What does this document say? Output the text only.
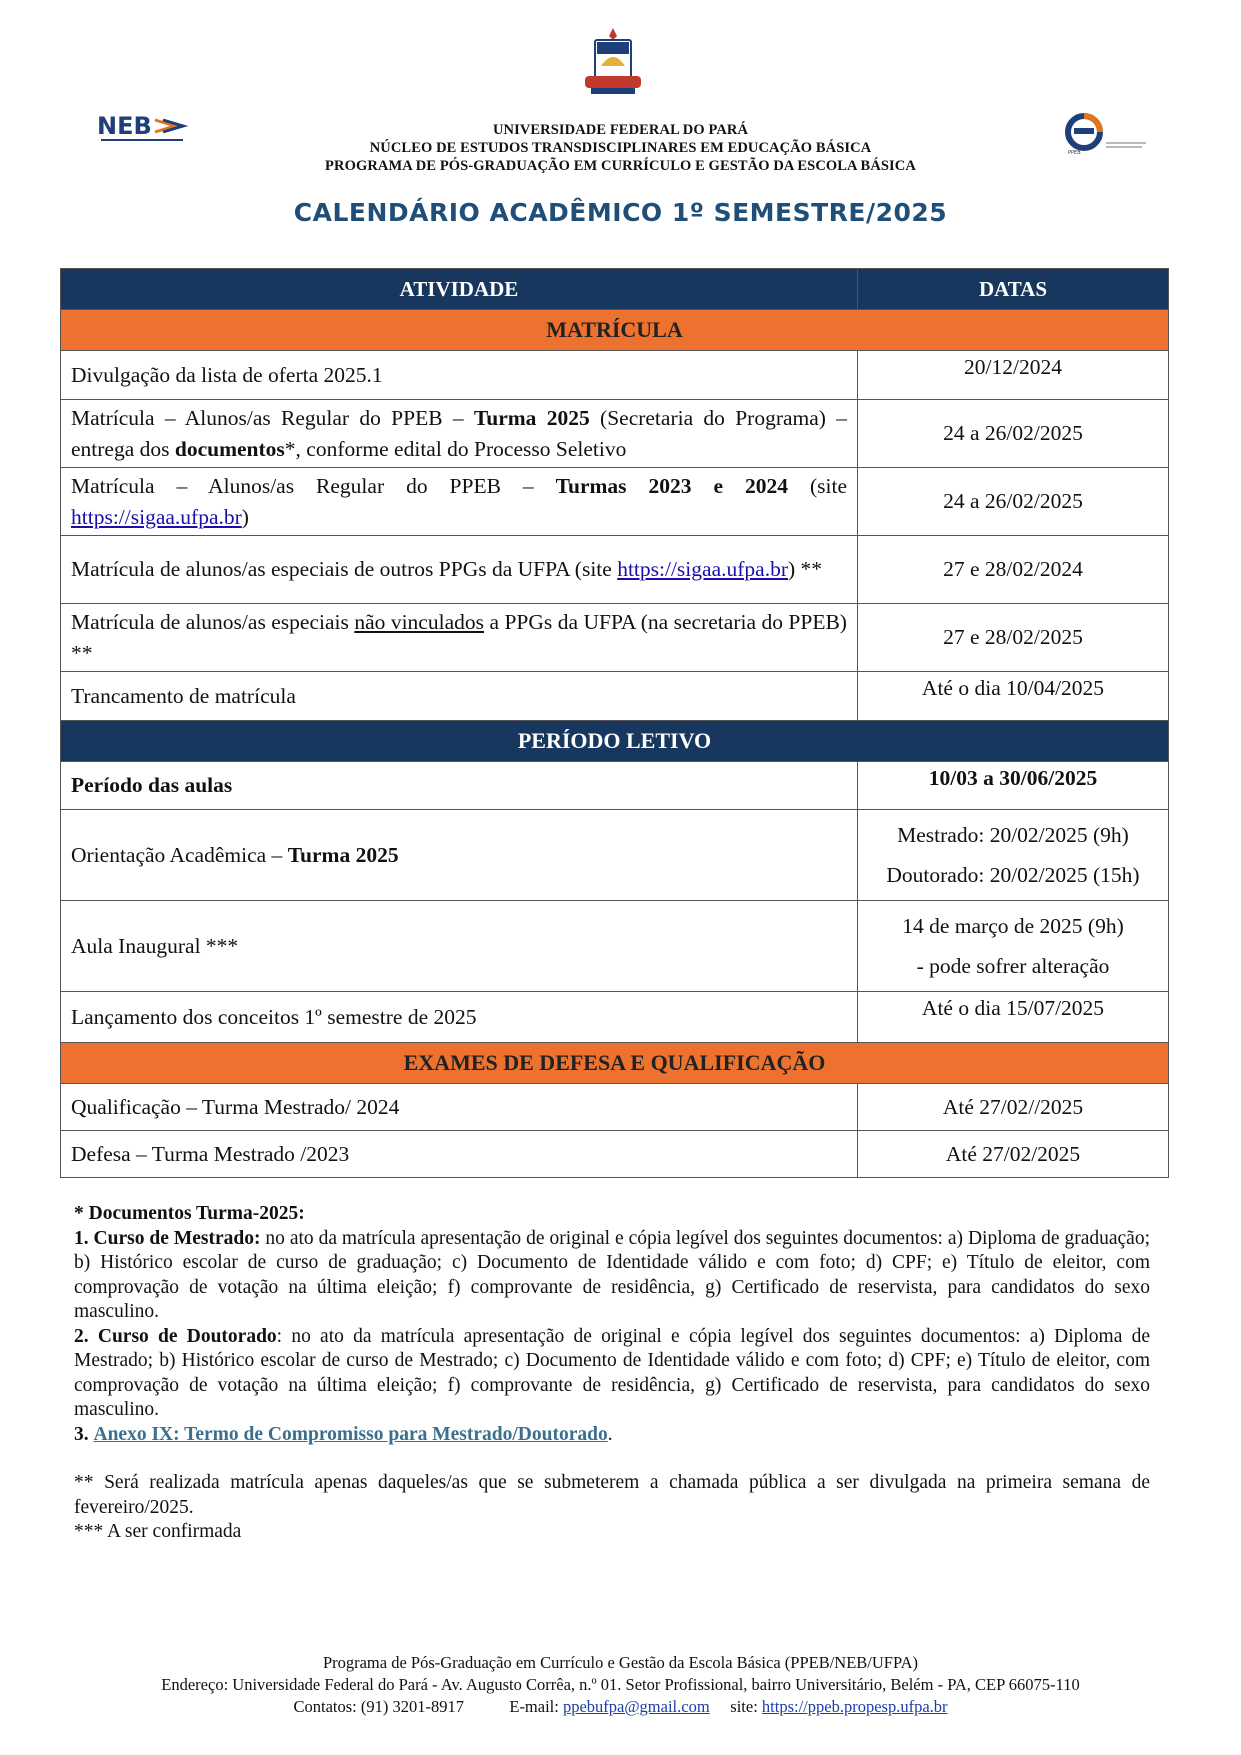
NEB
PPEB
UNIVERSIDADE FEDERAL DO PARÁ
NÚCLEO DE ESTUDOS TRANSDISCIPLINARES EM EDUCAÇÃO BÁSICA
PROGRAMA DE PÓS-GRADUAÇÃO EM CURRÍCULO E GESTÃO DA ESCOLA BÁSICA
CALENDÁRIO ACADÊMICO 1º SEMESTRE/2025
ATIVIDADE	DATAS
MATRÍCULA	
Divulgação da lista de oferta 2025.1	20/12/2024
Matrícula – Alunos/as Regular do PPEB – Turma 2025 (Secretaria do Programa) – entrega dos documentos*, conforme edital do Processo Seletivo	24 a 26/02/2025
Matrícula – Alunos/as Regular do PPEB – Turmas 2023 e 2024 (site https://sigaa.ufpa.br)	24 a 26/02/2025
Matrícula de alunos/as especiais de outros PPGs da UFPA (site https://sigaa.ufpa.br) **	27 e 28/02/2024
Matrícula de alunos/as especiais não vinculados a PPGs da UFPA (na secretaria do PPEB) **	27 e 28/02/2025
Trancamento de matrícula	Até o dia 10/04/2025
PERÍODO LETIVO	
Período das aulas	10/03 a 30/06/2025
Orientação Acadêmica – Turma 2025	Mestrado: 20/02/2025 (9h)
Doutorado: 20/02/2025 (15h)

Aula Inaugural ***	14 de março de 2025 (9h)
- pode sofrer alteração

Lançamento dos conceitos 1º semestre de 2025	Até o dia 15/07/2025
EXAMES DE DEFESA E QUALIFICAÇÃO	
Qualificação – Turma Mestrado/ 2024	Até 27/02//2025
Defesa – Turma Mestrado /2023	Até 27/02/2025

* Documentos Turma-2025:

1. Curso de Mestrado: no ato da matrícula apresentação de original e cópia legível dos seguintes documentos: a) Diploma de graduação; b) Histórico escolar de curso de graduação; c) Documento de Identidade válido e com foto; d) CPF; e) Título de eleitor, com comprovação de votação na última eleição; f) comprovante de residência, g) Certificado de reservista, para candidatos do sexo masculino.

2. Curso de Doutorado: no ato da matrícula apresentação de original e cópia legível dos seguintes documentos: a) Diploma de Mestrado; b) Histórico escolar de curso de Mestrado; c) Documento de Identidade válido e com foto; d) CPF; e) Título de eleitor, com comprovação de votação na última eleição; f) comprovante de residência, g) Certificado de reservista, para candidatos do sexo masculino.

3. Anexo IX: Termo de Compromisso para Mestrado/Doutorado.

** Será realizada matrícula apenas daqueles/as que se submeterem a chamada pública a ser divulgada na primeira semana de fevereiro/2025.

*** A ser confirmada

Programa de Pós-Graduação em Currículo e Gestão da Escola Básica (PPEB/NEB/UFPA)
Endereço: Universidade Federal do Pará - Av. Augusto Corrêa, n.º 01. Setor Profissional, bairro Universitário, Belém - PA, CEP 66075-110
Contatos: (91) 3201-8917	E-mail: ppebufpa@gmail.com site: https://ppeb.propesp.ufpa.br
